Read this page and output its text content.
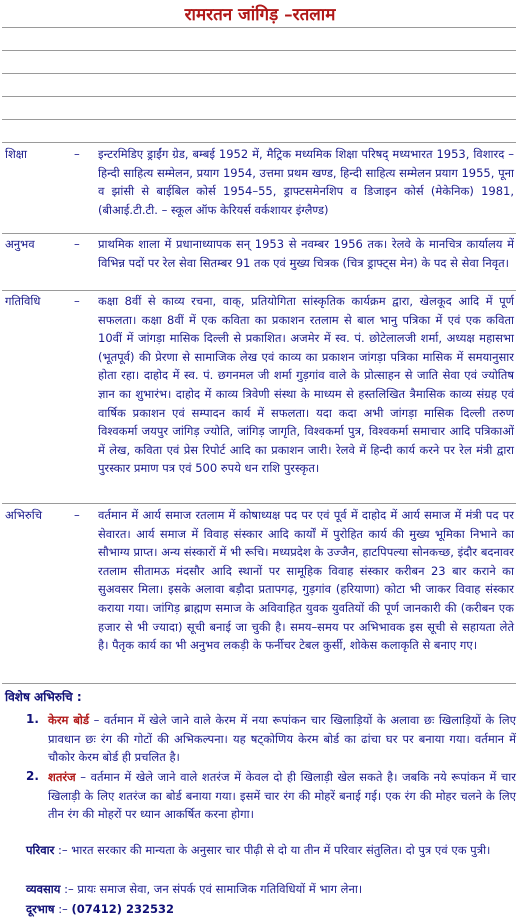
रामरतन जांगिड़ –रतलाम
शिक्षा	– इन्टरमिडिए ड्राईंग ग्रेड, बम्बई 1952 में, मैट्रिक मध्यमिक शिक्षा परिषद् मध्यभारत 1953, विशारद – हिन्दी साहित्य सम्मेलन, प्रयाग 1954, उत्तमा प्रथम खण्ड, हिन्दी साहित्य सम्मेलन प्रयाग 1955, पूना व झांसी से बाईबिल कोर्स 1954–55, ड्राफ्टसमेनशिप व डिजाइन कोर्स (मेकेनिक) 1981, (बीआई.टी.टी. – स्कूल ऑफ केरियर्स वर्कशायर इंग्लैण्ड)
अनुभव	– प्राथमिक शाला में प्रधानाध्यापक सन् 1953 से नवम्बर 1956 तक। रेलवे के मानचित्र कार्यालय में विभिन्न पदों पर रेल सेवा सितम्बर 91 तक एवं मुख्य चित्रक (चित्र ड्राफ्ट्स मेन) के पद से सेवा निवृत।
गतिविधि	– कक्षा 8वीं से काव्य रचना, वाक्, प्रतियोगिता सांस्कृतिक कार्यक्रम द्वारा, खेलकूद आदि में पूर्ण सफलता। कक्षा 8वीं में एक कविता का प्रकाशन रतलाम से बाल भानु पत्रिका में एवं एक कविता 10वीं में जांगड़ा मासिक दिल्ली से प्रकाशित। अजमेर में स्व. पं. छोटेलालजी शर्मा, अध्यक्ष महासभा (भूतपूर्व) की प्रेरणा से सामाजिक लेख एवं काव्य का प्रकाशन जांगड़ा पत्रिका मासिक में समयानुसार होता रहा। दाहोद में स्व. पं. छगनमल जी शर्मा गुड़गांव वाले के प्रोत्साहन से जाति सेवा एवं ज्योतिष ज्ञान का शुभारंभ। दाहोद में काव्य त्रिवेणी संस्था के माध्यम से हस्तलिखित त्रैमासिक काव्य संग्रह एवं वार्षिक प्रकाशन एवं सम्पादन कार्य में सफलता। यदा कदा अभी जांगड़ा मासिक दिल्ली तरुण विश्वकर्मा जयपुर जांगिड़ ज्योति, जांगिड़ जागृति, विश्वकर्मा पुत्र, विश्वकर्मा समाचार आदि पत्रिकाओं में लेख, कविता एवं प्रेस रिपोर्ट आदि का प्रकाशन जारी। रेलवे में हिन्दी कार्य करने पर रेल मंत्री द्वारा पुरस्कार प्रमाण पत्र एवं 500 रुपये धन राशि पुरस्कृत।
अभिरुचि	– वर्तमान में आर्य समाज रतलाम में कोषाध्यक्ष पद पर एवं पूर्व में दाहोद में आर्य समाज में मंत्री पद पर सेवारत। आर्य समाज में विवाह संस्कार आदि कार्यों में पुरोहित कार्य की मुख्य भूमिका निभाने का सौभाग्य प्राप्त। अन्य संस्कारों में भी रूचि। मध्यप्रदेश के उज्जैन, हाटपिपल्या सोनकच्छ, इंदौर बदनावर रतलाम सीतामऊ मंदसौर आदि स्थानों पर सामूहिक विवाह संस्कार करीबन 23 बार कराने का सुअवसर मिला। इसके अलावा बड़ौदा प्रतापगढ़, गुड़गांव (हरियाणा) कोटा भी जाकर विवाह संस्कार कराया गया। जांगिड़ ब्राह्मण समाज के अविवाहित युवक युवतियों की पूर्ण जानकारी की (करीबन एक हजार से भी ज्यादा) सूची बनाई जा चुकी है। समय–समय पर अभिभावक इस सूची से सहायता लेते है। पैतृक कार्य का भी अनुभव लकड़ी के फर्नीचर टेबल कुर्सी, शोकेस कलाकृति से बनाए गए।
विशेष अभिरुचि :
1. केरम बोर्ड – वर्तमान में खेले जाने वाले केरम में नया रूपांकन चार खिलाड़ियों के अलावा छः खिलाड़ियों के लिए प्रावधान छः रंग की गोटों की अभिकल्पना। यह षट्कोणिय केरम बोर्ड का ढांचा घर पर बनाया गया। वर्तमान में चौकोर केरम बोर्ड ही प्रचलित है।
2. शतरंज – वर्तमान में खेले जाने वाले शतरंज में केवल दो ही खिलाड़ी खेल सकते है। जबकि नये रूपांकन में चार खिलाड़ी के लिए शतरंज का बोर्ड बनाया गया। इसमें चार रंग की मोहरें बनाई गई। एक रंग की मोहर चलने के लिए तीन रंग की मोहरों पर ध्यान आकर्षित करना होगा।
परिवार :– भारत सरकार की मान्यता के अनुसार चार पीढ़ी से दो या तीन में परिवार संतुलित। दो पुत्र एवं एक पुत्री।
व्यवसाय :– प्रायः समाज सेवा, जन संपर्क एवं सामाजिक गतिविधियों में भाग लेना।
दूरभाष :– (07412) 232532
